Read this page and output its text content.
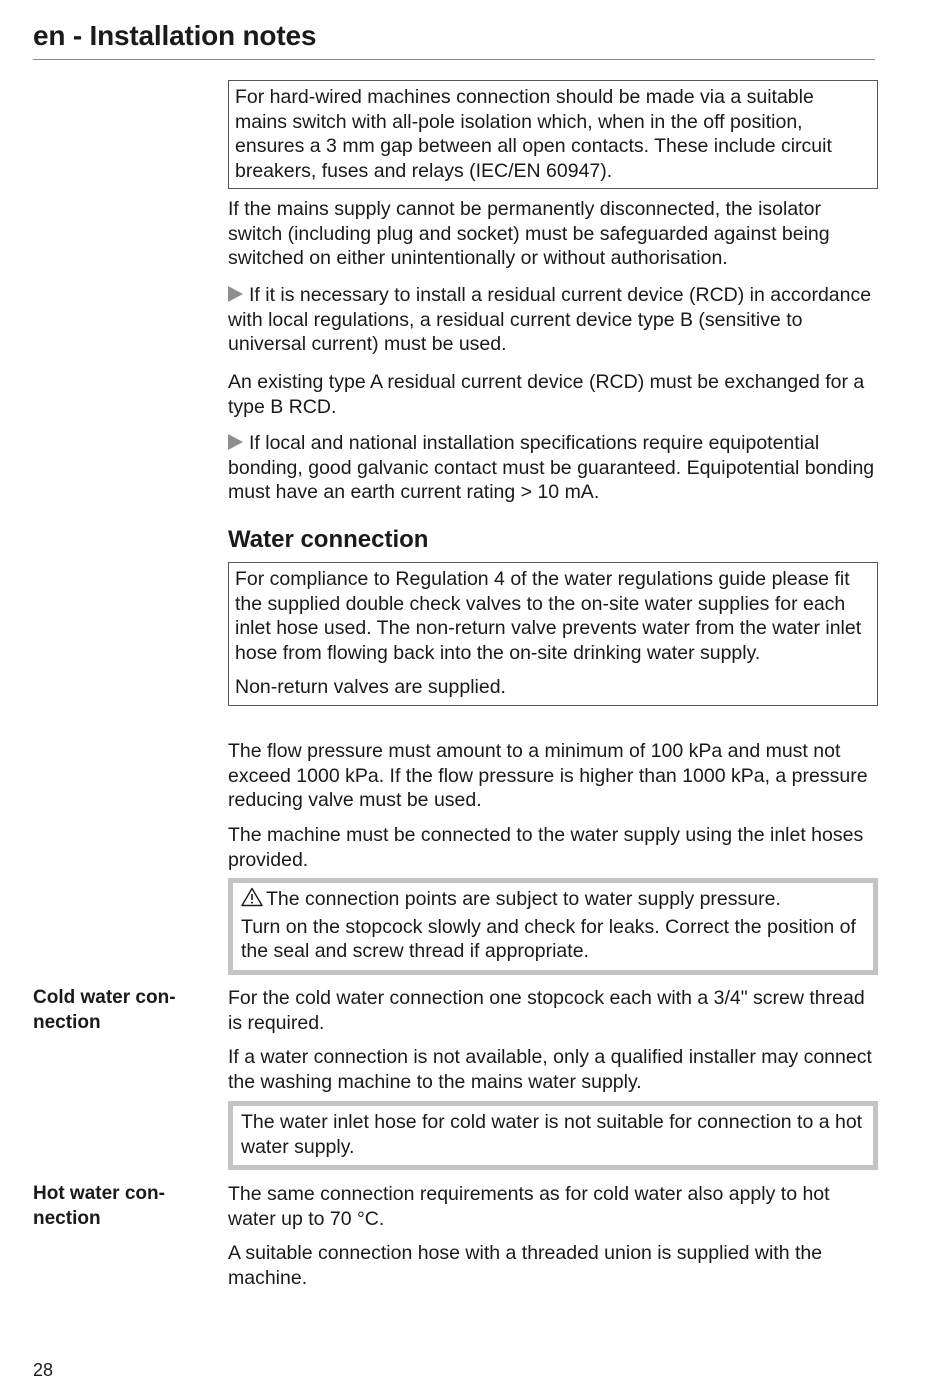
en - Installation notes

For hard-wired machines connection should be made via a suitable mains switch with all-pole isolation which, when in the off position, ensures a 3 mm gap between all open contacts. These include circuit breakers, fuses and relays (IEC/EN 60947).

If the mains supply cannot be permanently disconnected, the isolator switch (including plug and socket) must be safeguarded against being switched on either unintentionally or without authorisation.

If it is necessary to install a residual current device (RCD) in accordance with local regulations, a residual current device type B (sensitive to universal current) must be used.

An existing type A residual current device (RCD) must be exchanged for a type B RCD.

If local and national installation specifications require equipotential bonding, good galvanic contact must be guaranteed. Equipotential bonding must have an earth current rating > 10 mA.

Water connection

For compliance to Regulation 4 of the water regulations guide please fit the supplied double check valves to the on-site water supplies for each inlet hose used. The non-return valve prevents water from the water inlet hose from flowing back into the on-site drinking water supply.

Non-return valves are supplied.

The flow pressure must amount to a minimum of 100 kPa and must not exceed 1000 kPa. If the flow pressure is higher than 1000 kPa, a pressure reducing valve must be used.

The machine must be connected to the water supply using the inlet hoses provided.

The connection points are subject to water supply pressure.

Turn on the stopcock slowly and check for leaks. Correct the position of the seal and screw thread if appropriate.

Cold water connection

For the cold water connection one stopcock each with a 3/4" screw thread is required.

If a water connection is not available, only a qualified installer may connect the washing machine to the mains water supply.

The water inlet hose for cold water is not suitable for connection to a hot water supply.

Hot water connection

The same connection requirements as for cold water also apply to hot water up to 70 °C.

A suitable connection hose with a threaded union is supplied with the machine.

28
